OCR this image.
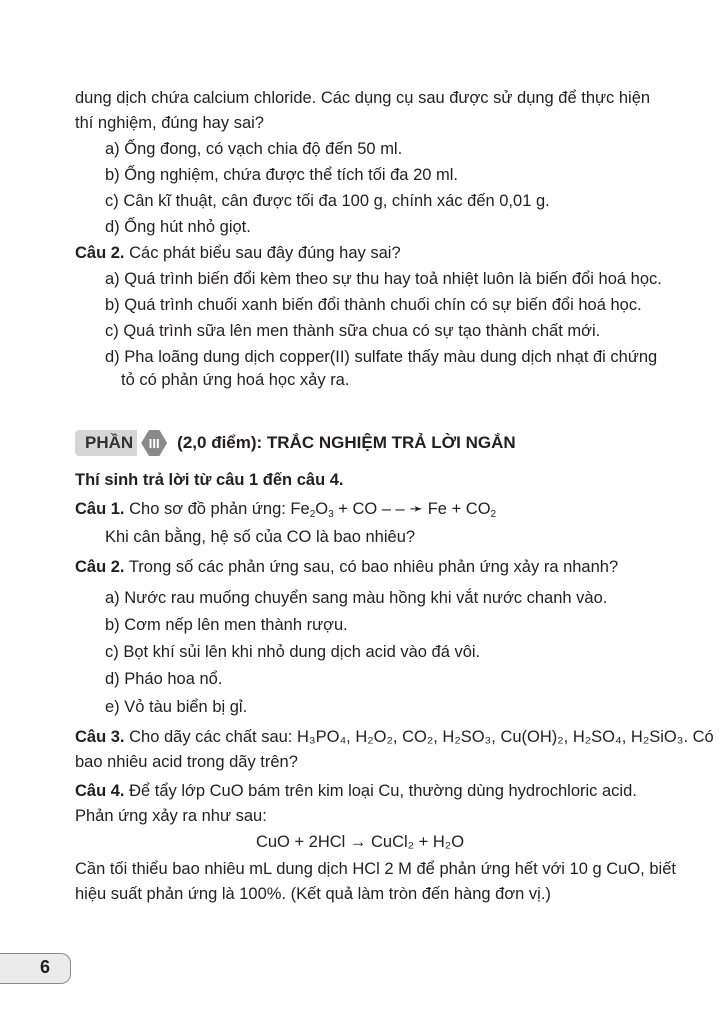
dung dịch chứa calcium chloride. Các dụng cụ sau được sử dụng để thực hiện
thí nghiệm, đúng hay sai?
a) Ống đong, có vạch chia độ đến 50 ml.
b) Ống nghiệm, chứa được thể tích tối đa 20 ml.
c) Cân kĩ thuật, cân được tối đa 100 g, chính xác đến 0,01 g.
d) Ống hút nhỏ giọt.
Câu 2. Các phát biểu sau đây đúng hay sai?
a) Quá trình biến đổi kèm theo sự thu hay toả nhiệt luôn là biến đổi hoá học.
b) Quá trình chuối xanh biến đổi thành chuối chín có sự biến đổi hoá học.
c) Quá trình sữa lên men thành sữa chua có sự tạo thành chất mới.
d) Pha loãng dung dịch copper(II) sulfate thấy màu dung dịch nhạt đi chứng
tỏ có phản ứng hoá học xảy ra.
PHẦN	III (2,0 điểm): TRẮC NGHIỆM TRẢ LỜI NGẮN
Thí sinh trả lời từ câu 1 đến câu 4.
Câu 1. Cho sơ đồ phản ứng: $Fe_2O_3$ + CO – – ➛ $Fe + CO_2$
Khi cân bằng, hệ số của CO là bao nhiêu?
Câu 2. Trong số các phản ứng sau, có bao nhiêu phản ứng xảy ra nhanh?
a) Nước rau muống chuyển sang màu hồng khi vắt nước chanh vào.
b) Cơm nếp lên men thành rượu.
c) Bọt khí sủi lên khi nhỏ dung dịch acid vào đá vôi.
d) Pháo hoa nổ.
e) Vỏ tàu biển bị gỉ.
Câu 3. Cho dãy các chất sau: H₃PO₄, H₂O₂, CO₂, H₂SO₃, Cu(OH)₂, H₂SO₄, H₂SiO₃. Có
bao nhiêu acid trong dãy trên?
Câu 4. Để tẩy lớp CuO bám trên kim loại Cu, thường dùng hydrochloric acid.
Phản ứng xảy ra như sau:
CuO + 2HCl → CuCl₂ + H₂O
Cần tối thiểu bao nhiêu mL dung dịch HCl 2 M để phản ứng hết với 10 g CuO, biết
hiệu suất phản ứng là 100%. (Kết quả làm tròn đến hàng đơn vị.)
6
